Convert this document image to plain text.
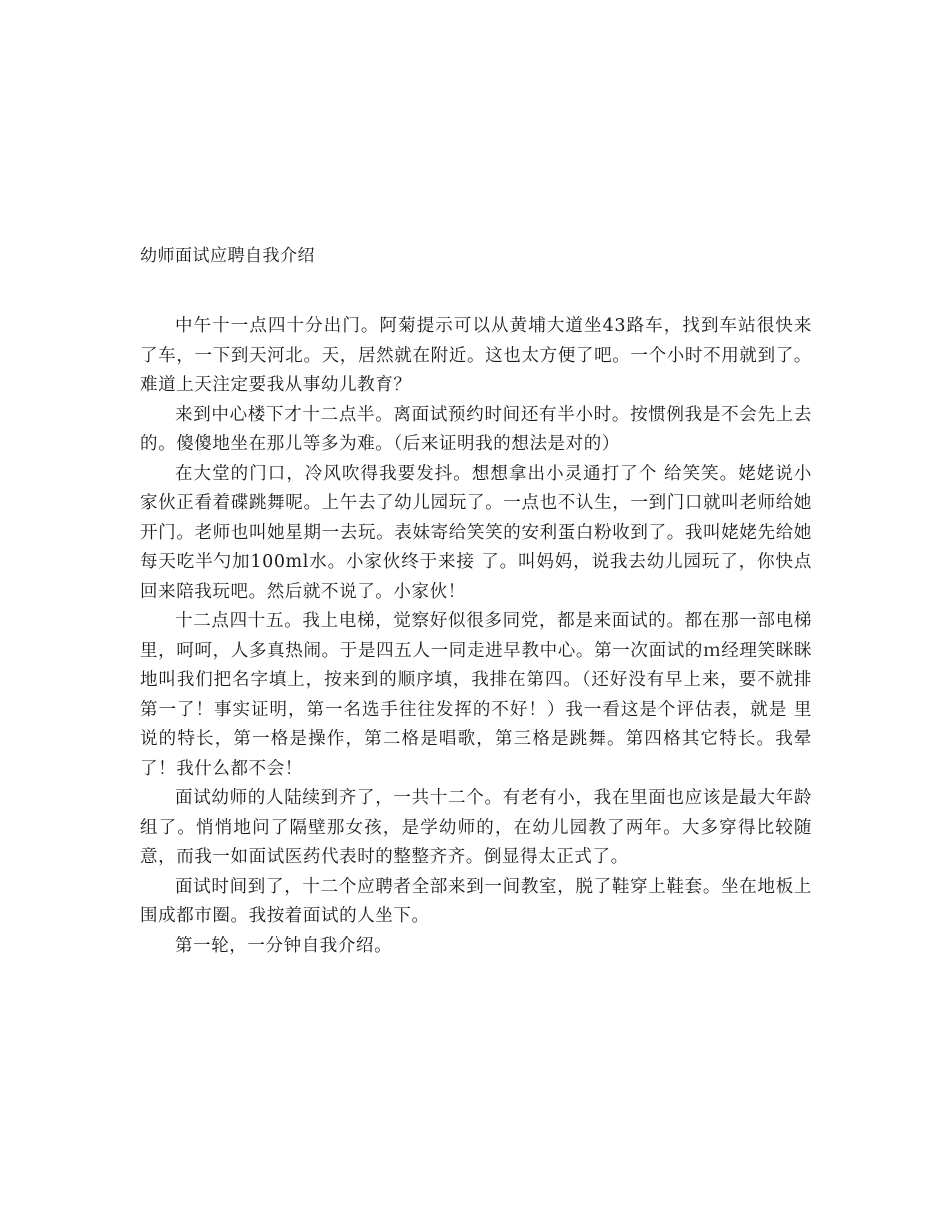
幼师面试应聘自我介绍

中午十一点四十分出门。阿菊提示可以从黄埔大道坐43路车，找到车站很快来了车，一下到天河北。天，居然就在附近。这也太方便了吧。一个小时不用就到了。难道上天注定要我从事幼儿教育？

来到中心楼下才十二点半。离面试预约时间还有半小时。按惯例我是不会先上去的。傻傻地坐在那儿等多为难。（后来证明我的想法是对的）

在大堂的门口，冷风吹得我要发抖。想想拿出小灵通打了个 给笑笑。姥姥说小家伙正看着碟跳舞呢。上午去了幼儿园玩了。一点也不认生，一到门口就叫老师给她开门。老师也叫她星期一去玩。表妹寄给笑笑的安利蛋白粉收到了。我叫姥姥先给她每天吃半勺加100ml水。小家伙终于来接 了。叫妈妈，说我去幼儿园玩了，你快点回来陪我玩吧。然后就不说了。小家伙！

十二点四十五。我上电梯，觉察好似很多同党，都是来面试的。都在那一部电梯里，呵呵，人多真热闹。于是四五人一同走进早教中心。第一次面试的ｍ经理笑眯眯地叫我们把名字填上，按来到的顺序填，我排在第四。（还好没有早上来，要不就排第一了！事实证明，第一名选手往往发挥的不好！）我一看这是个评估表，就是 里说的特长，第一格是操作，第二格是唱歌，第三格是跳舞。第四格其它特长。我晕了！我什么都不会！

面试幼师的人陆续到齐了，一共十二个。有老有小，我在里面也应该是最大年龄组了。悄悄地问了隔壁那女孩，是学幼师的，在幼儿园教了两年。大多穿得比较随意，而我一如面试医药代表时的整整齐齐。倒显得太正式了。

面试时间到了，十二个应聘者全部来到一间教室，脱了鞋穿上鞋套。坐在地板上围成都市圈。我按着面试的人坐下。

第一轮，一分钟自我介绍。
